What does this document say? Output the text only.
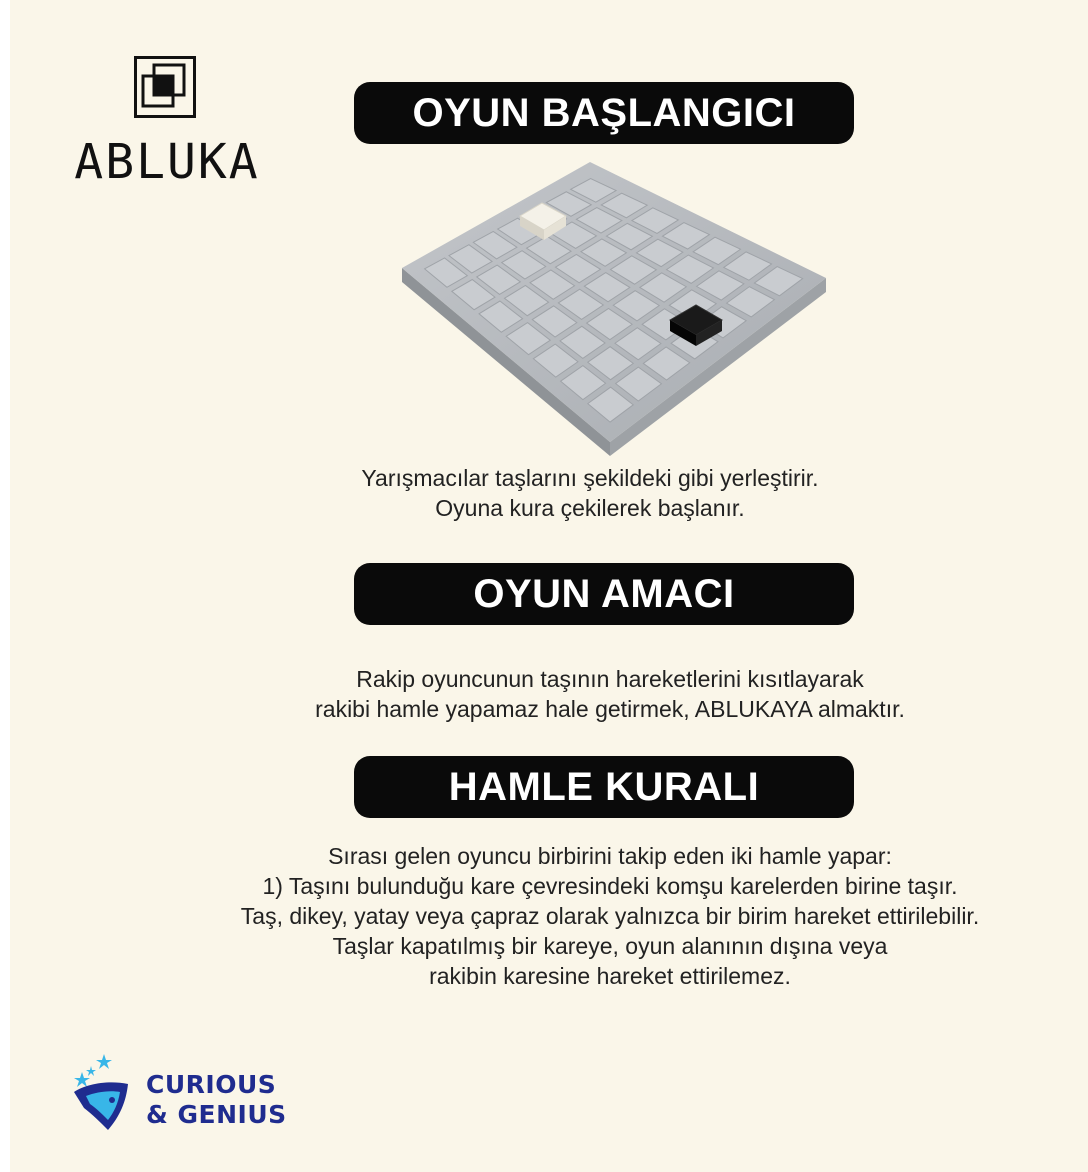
ABLUKA
OYUN BAŞLANGICI
Yarışmacılar taşlarını şekildeki gibi yerleştirir.
Oyuna kura çekilerek başlanır.
OYUN AMACI
Rakip oyuncunun taşının hareketlerini kısıtlayarak
rakibi hamle yapamaz hale getirmek, ABLUKAYA almaktır.
HAMLE KURALI
Sırası gelen oyuncu birbirini takip eden iki hamle yapar:
1) Taşını bulunduğu kare çevresindeki komşu karelerden birine taşır.
Taş, dikey, yatay veya çapraz olarak yalnızca bir birim hareket ettirilebilir.
Taşlar kapatılmış bir kareye, oyun alanının dışına veya
rakibin karesine hareket ettirilemez.
CURIOUS
& GENIUS
